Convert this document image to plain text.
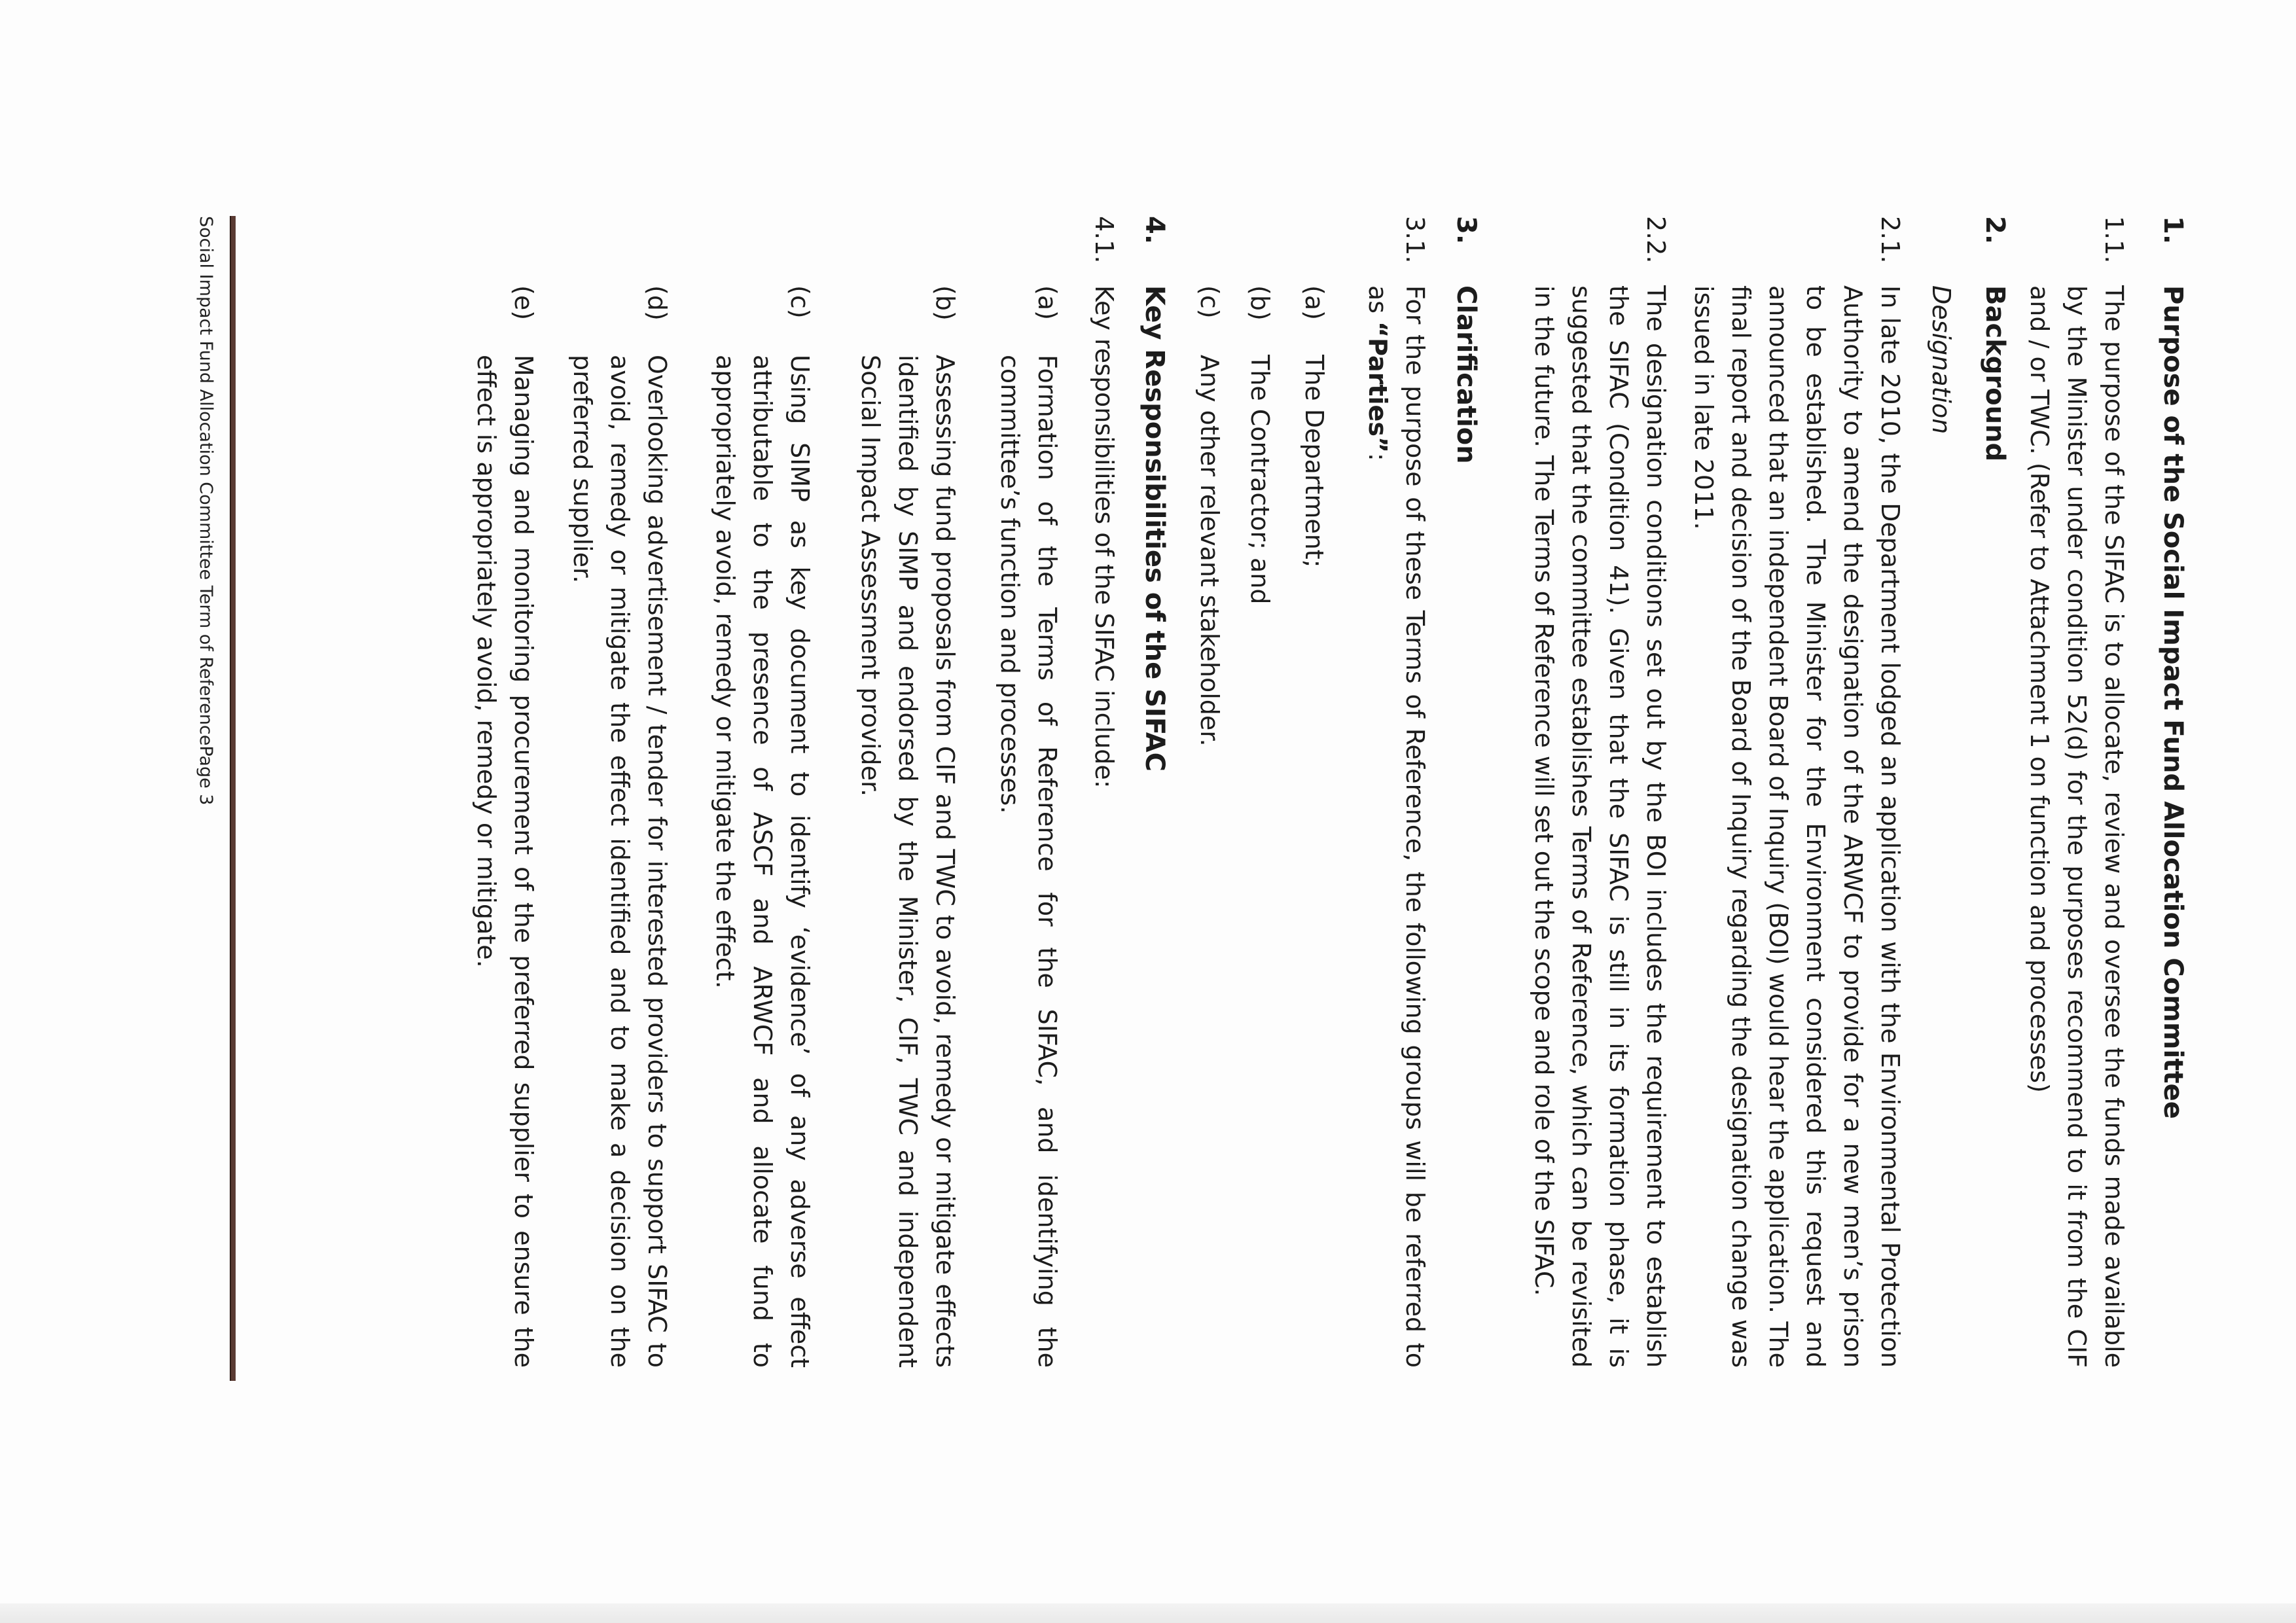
1.
Purpose of the Social Impact Fund Allocation Committee
1.1.
The purpose of the SIFAC is to allocate, review and oversee the funds made available by the Minister under condition 52(d) for the purposes recommend to it from the CIF and / or TWC. (Refer to Attachment 1 on function and processes)
2.
Background
Designation
2.1.
In late 2010, the Department lodged an application with the Environmental Protection Authority to amend the designation of the ARWCF to provide for a new men’s prison to be established. The Minister for the Environment considered this request and announced that an independent Board of Inquiry (BOI) would hear the application. The final report and decision of the Board of Inquiry regarding the designation change was issued in late 2011.
2.2.
The designation conditions set out by the BOI includes the requirement to establish the SIFAC (Condition 41). Given that the SIFAC is still in its formation phase, it is suggested that the committee establishes Terms of Reference, which can be revisited in the future. The Terms of Reference will set out the scope and role of the SIFAC.
3.
Clarification
3.1.
For the purpose of these Terms of Reference, the following groups will be referred to as “Parties”:
(a)
The Department;
(b)
The Contractor; and
(c)
Any other relevant stakeholder.
4.
Key Responsibilities of the SIFAC
4.1.
Key responsibilities of the SIFAC include:
(a)
Formation of the Terms of Reference for the SIFAC, and identifying the committee’s function and processes.
(b)
Assessing fund proposals from CIF and TWC to avoid, remedy or mitigate effects identified by SIMP and endorsed by the Minister, CIF, TWC and independent Social Impact Assessment provider.
(c)
Using SIMP as key document to identify ‘evidence’ of any adverse effect attributable to the presence of ASCF and ARWCF and allocate fund to appropriately avoid, remedy or mitigate the effect.
(d)
Overlooking advertisement / tender for interested providers to support SIFAC to avoid, remedy or mitigate the effect identified and to make a decision on the preferred supplier.
(e)
Managing and monitoring procurement of the preferred supplier to ensure the effect is appropriately avoid, remedy or mitigate.
Social Impact Fund Allocation Committee Term of ReferencePage 3
